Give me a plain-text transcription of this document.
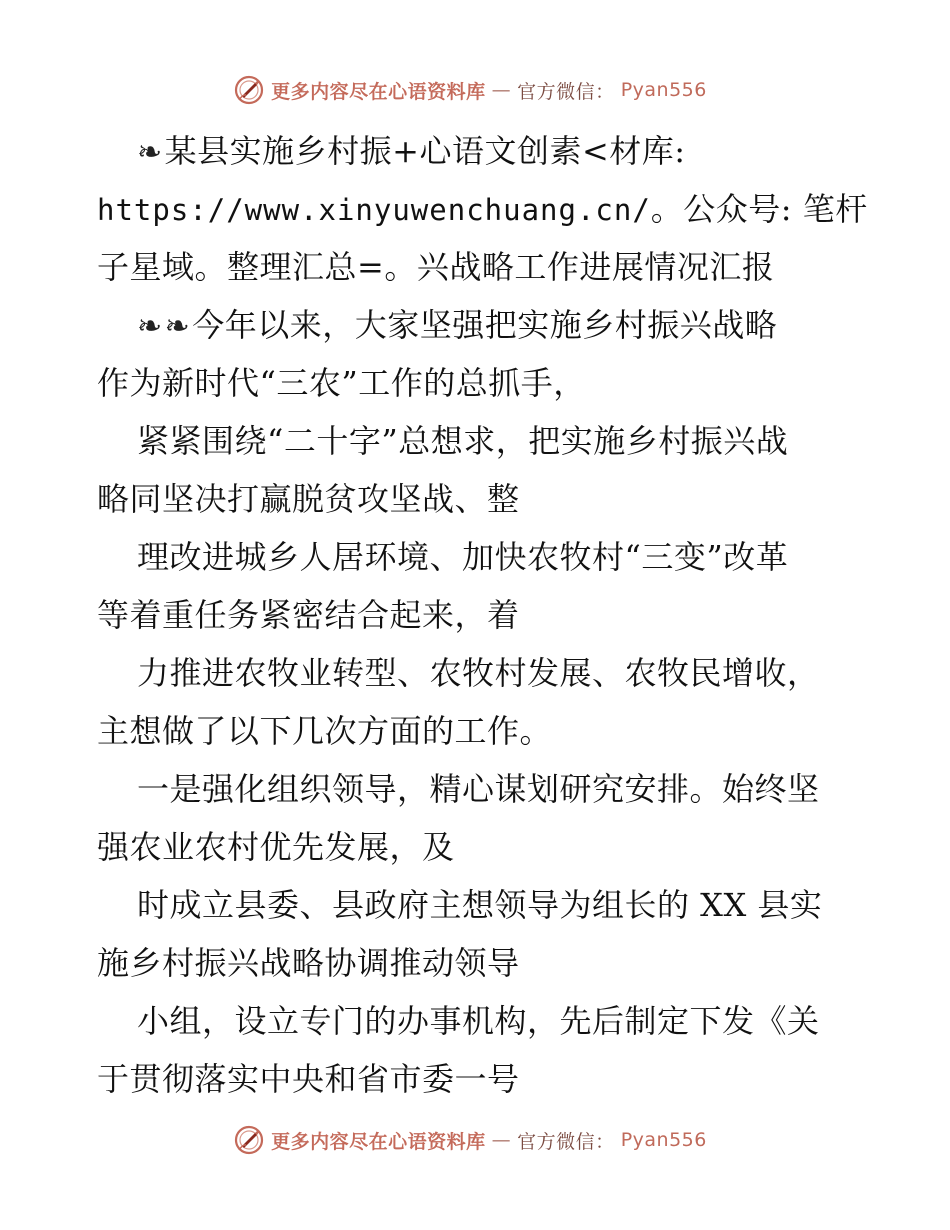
更多内容尽在心语资料库 — 官方微信： Pyan556
❧某县实施乡村振+心语文创素<材库:
https://www.xinyuwenchuang.cn/。公众号: 笔杆
子星域。整理汇总=。兴战略工作进展情况汇报
❧❧今年以来，大家坚强把实施乡村振兴战略
作为新时代“三农”工作的总抓手，
紧紧围绕“二十字”总想求，把实施乡村振兴战
略同坚决打赢脱贫攻坚战、整
理改进城乡人居环境、加快农牧村“三变”改革
等着重任务紧密结合起来，着
力推进农牧业转型、农牧村发展、农牧民增收，
主想做了以下几次方面的工作。
一是强化组织领导，精心谋划研究安排。始终坚
强农业农村优先发展，及
时成立县委、县政府主想领导为组长的 XX 县实
施乡村振兴战略协调推动领导
小组，设立专门的办事机构，先后制定下发《关
于贯彻落实中央和省市委一号
更多内容尽在心语资料库 — 官方微信： Pyan556
